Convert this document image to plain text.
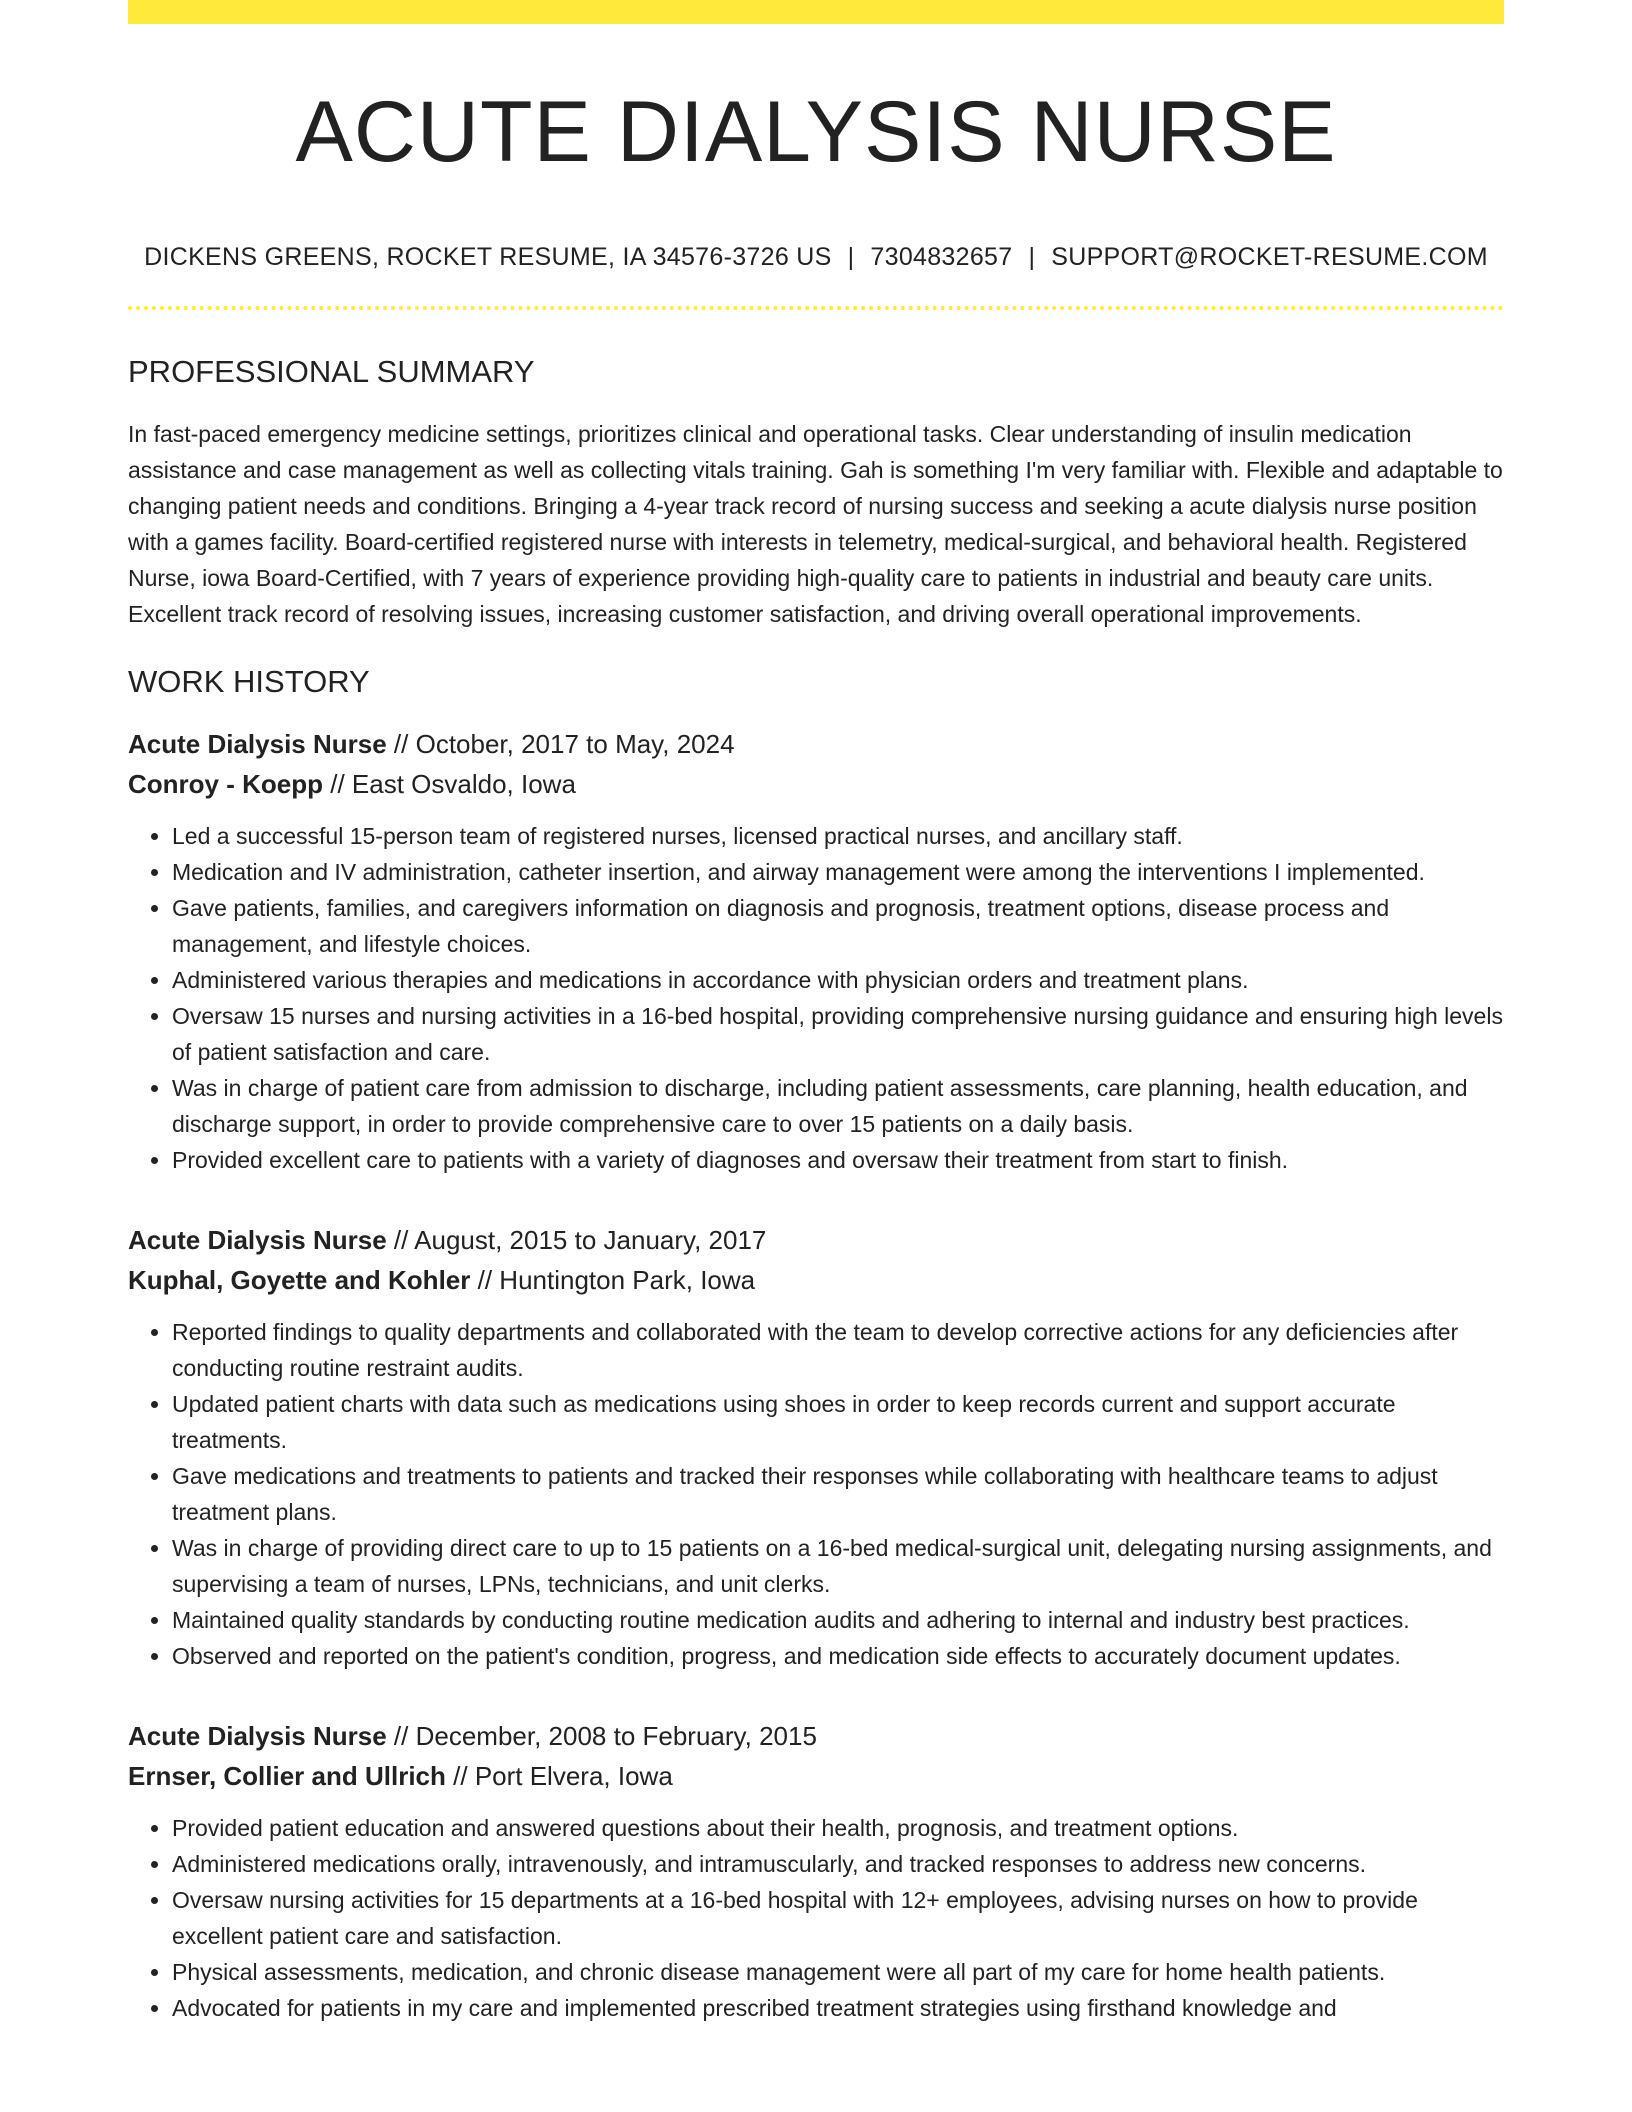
ACUTE DIALYSIS NURSE
DICKENS GREENS, ROCKET RESUME, IA 34576-3726 US | 7304832657 | SUPPORT@ROCKET-RESUME.COM
PROFESSIONAL SUMMARY
In fast-paced emergency medicine settings, prioritizes clinical and operational tasks. Clear understanding of insulin medication assistance and case management as well as collecting vitals training. Gah is something I'm very familiar with. Flexible and adaptable to changing patient needs and conditions. Bringing a 4-year track record of nursing success and seeking a acute dialysis nurse position with a games facility. Board-certified registered nurse with interests in telemetry, medical-surgical, and behavioral health. Registered Nurse, iowa Board-Certified, with 7 years of experience providing high-quality care to patients in industrial and beauty care units. Excellent track record of resolving issues, increasing customer satisfaction, and driving overall operational improvements.
WORK HISTORY
Acute Dialysis Nurse // October, 2017 to May, 2024
Conroy - Koepp // East Osvaldo, Iowa
• Led a successful 15-person team of registered nurses, licensed practical nurses, and ancillary staff.
• Medication and IV administration, catheter insertion, and airway management were among the interventions I implemented.
• Gave patients, families, and caregivers information on diagnosis and prognosis, treatment options, disease process and management, and lifestyle choices.
• Administered various therapies and medications in accordance with physician orders and treatment plans.
• Oversaw 15 nurses and nursing activities in a 16-bed hospital, providing comprehensive nursing guidance and ensuring high levels of patient satisfaction and care.
• Was in charge of patient care from admission to discharge, including patient assessments, care planning, health education, and discharge support, in order to provide comprehensive care to over 15 patients on a daily basis.
• Provided excellent care to patients with a variety of diagnoses and oversaw their treatment from start to finish.
Acute Dialysis Nurse // August, 2015 to January, 2017
Kuphal, Goyette and Kohler // Huntington Park, Iowa
• Reported findings to quality departments and collaborated with the team to develop corrective actions for any deficiencies after conducting routine restraint audits.
• Updated patient charts with data such as medications using shoes in order to keep records current and support accurate treatments.
• Gave medications and treatments to patients and tracked their responses while collaborating with healthcare teams to adjust treatment plans.
• Was in charge of providing direct care to up to 15 patients on a 16-bed medical-surgical unit, delegating nursing assignments, and supervising a team of nurses, LPNs, technicians, and unit clerks.
• Maintained quality standards by conducting routine medication audits and adhering to internal and industry best practices.
• Observed and reported on the patient's condition, progress, and medication side effects to accurately document updates.
Acute Dialysis Nurse // December, 2008 to February, 2015
Ernser, Collier and Ullrich // Port Elvera, Iowa
• Provided patient education and answered questions about their health, prognosis, and treatment options.
• Administered medications orally, intravenously, and intramuscularly, and tracked responses to address new concerns.
• Oversaw nursing activities for 15 departments at a 16-bed hospital with 12+ employees, advising nurses on how to provide excellent patient care and satisfaction.
• Physical assessments, medication, and chronic disease management were all part of my care for home health patients.
• Advocated for patients in my care and implemented prescribed treatment strategies using firsthand knowledge and
